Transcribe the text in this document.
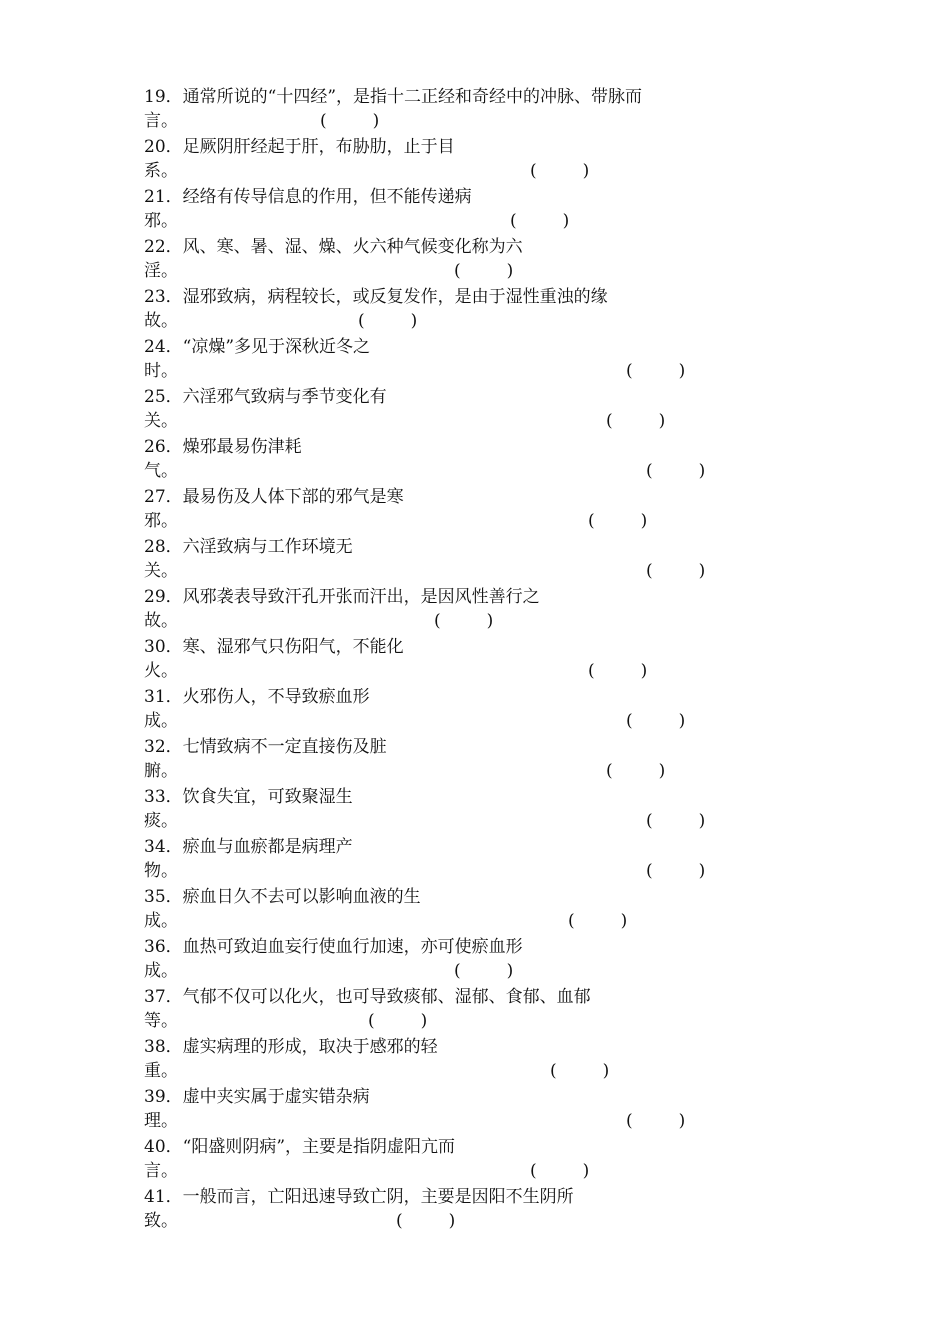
19．通常所说的“十四经”，是指十二正经和奇经中的冲脉、带脉而
言。	(	)
20．足厥阴肝经起于肝，布胁肋，止于目
系。	(	)
21．经络有传导信息的作用，但不能传递病
邪。	(	)
22．风、寒、暑、湿、燥、火六种气候变化称为六
淫。	(	)
23．湿邪致病，病程较长，或反复发作，是由于湿性重浊的缘
故。	(	)
24．“凉燥”多见于深秋近冬之
时。	(	)
25．六淫邪气致病与季节变化有
关。	(	)
26．燥邪最易伤津耗
气。	(	)
27．最易伤及人体下部的邪气是寒
邪。	(	)
28．六淫致病与工作环境无
关。	(	)
29．风邪袭表导致汗孔开张而汗出，是因风性善行之
故。	(	)
30．寒、湿邪气只伤阳气，不能化
火。	(	)
31．火邪伤人，不导致瘀血形
成。	(	)
32．七情致病不一定直接伤及脏
腑。	(	)
33．饮食失宜，可致聚湿生
痰。	(	)
34．瘀血与血瘀都是病理产
物。	(	)
35．瘀血日久不去可以影响血液的生
成。	(	)
36．血热可致迫血妄行使血行加速，亦可使瘀血形
成。	(	)
37．气郁不仅可以化火，也可导致痰郁、湿郁、食郁、血郁
等。	(	)
38．虚实病理的形成，取决于感邪的轻
重。	(	)
39．虚中夹实属于虚实错杂病
理。	(	)
40．“阳盛则阴病”，主要是指阴虚阳亢而
言。	(	)
41．一般而言，亡阳迅速导致亡阴，主要是因阳不生阴所
致。	(	)
